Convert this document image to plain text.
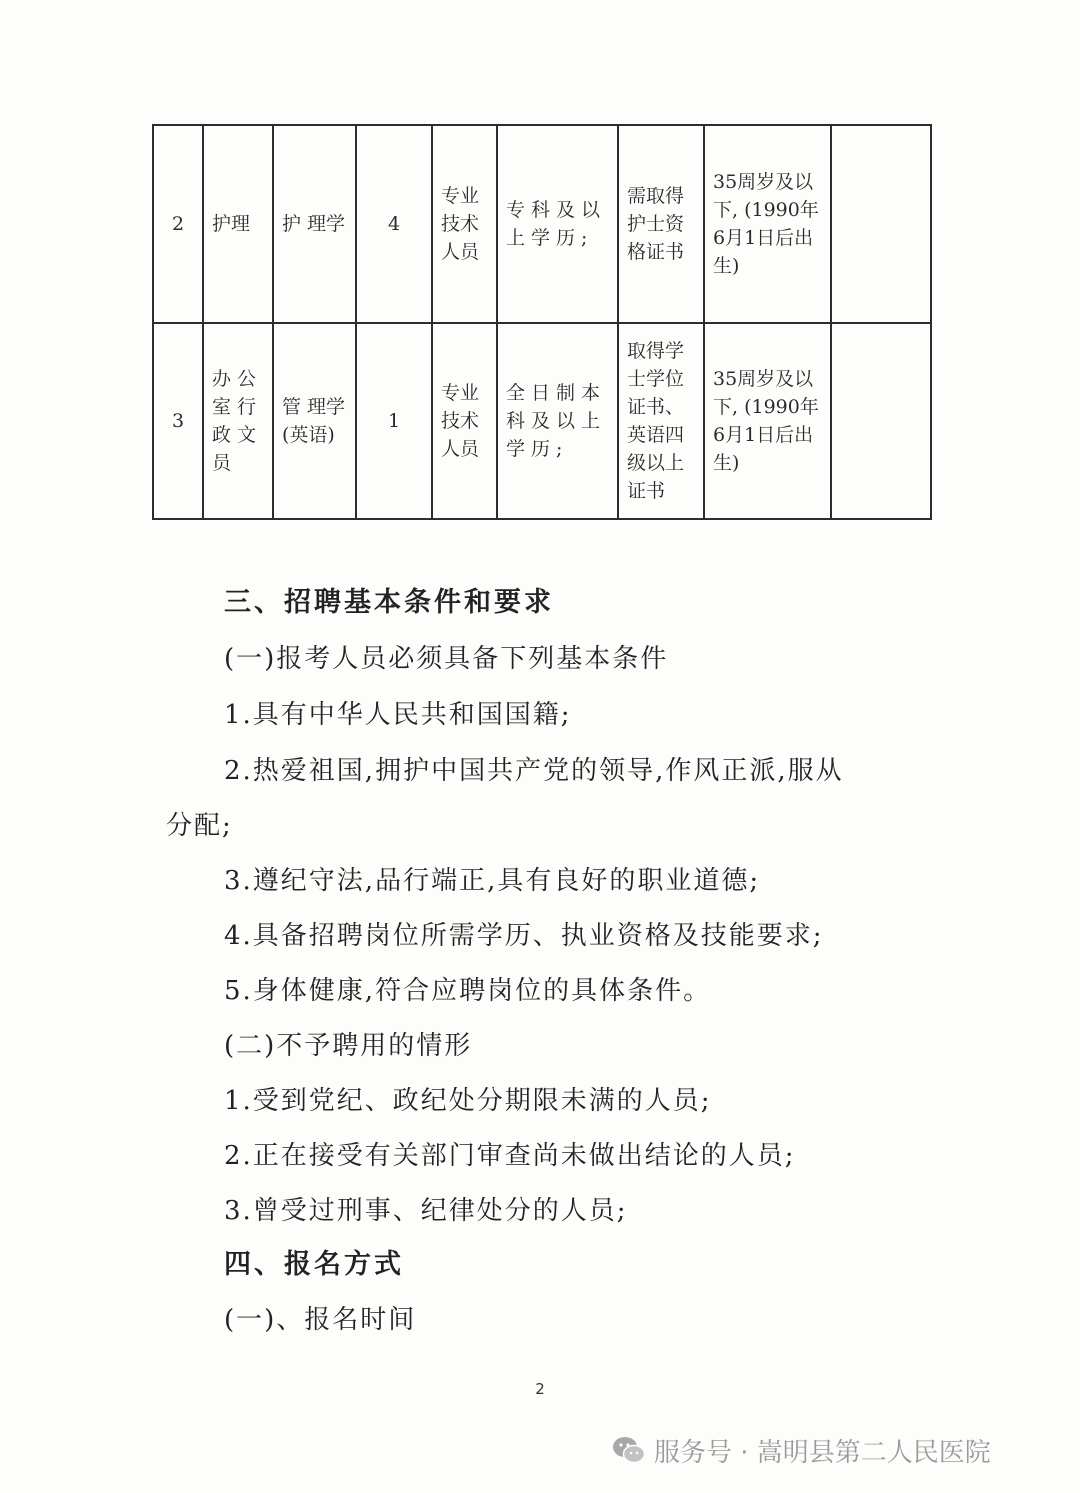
2	护理	护 理学	4	专业技术人员	专科及以上学历;	需取得护士资格证书	35周岁及以下, (1990年6月1日后出生)	
3	办公室行政文员	管 理学(英语)	1	专业技术人员	全日制本科及以上学历;	取得学士学位证书、英语四级以上证书	35周岁及以下, (1990年6月1日后出生)	
三、招聘基本条件和要求
(一)报考人员必须具备下列基本条件
1.具有中华人民共和国国籍;
2.热爱祖国,拥护中国共产党的领导,作风正派,服从
分配;
3.遵纪守法,品行端正,具有良好的职业道德;
4.具备招聘岗位所需学历、执业资格及技能要求;
5.身体健康,符合应聘岗位的具体条件。
(二)不予聘用的情形
1.受到党纪、政纪处分期限未满的人员;
2.正在接受有关部门审查尚未做出结论的人员;
3.曾受过刑事、纪律处分的人员;
四、报名方式
(一)、报名时间
2
服务号 · 嵩明县第二人民医院
